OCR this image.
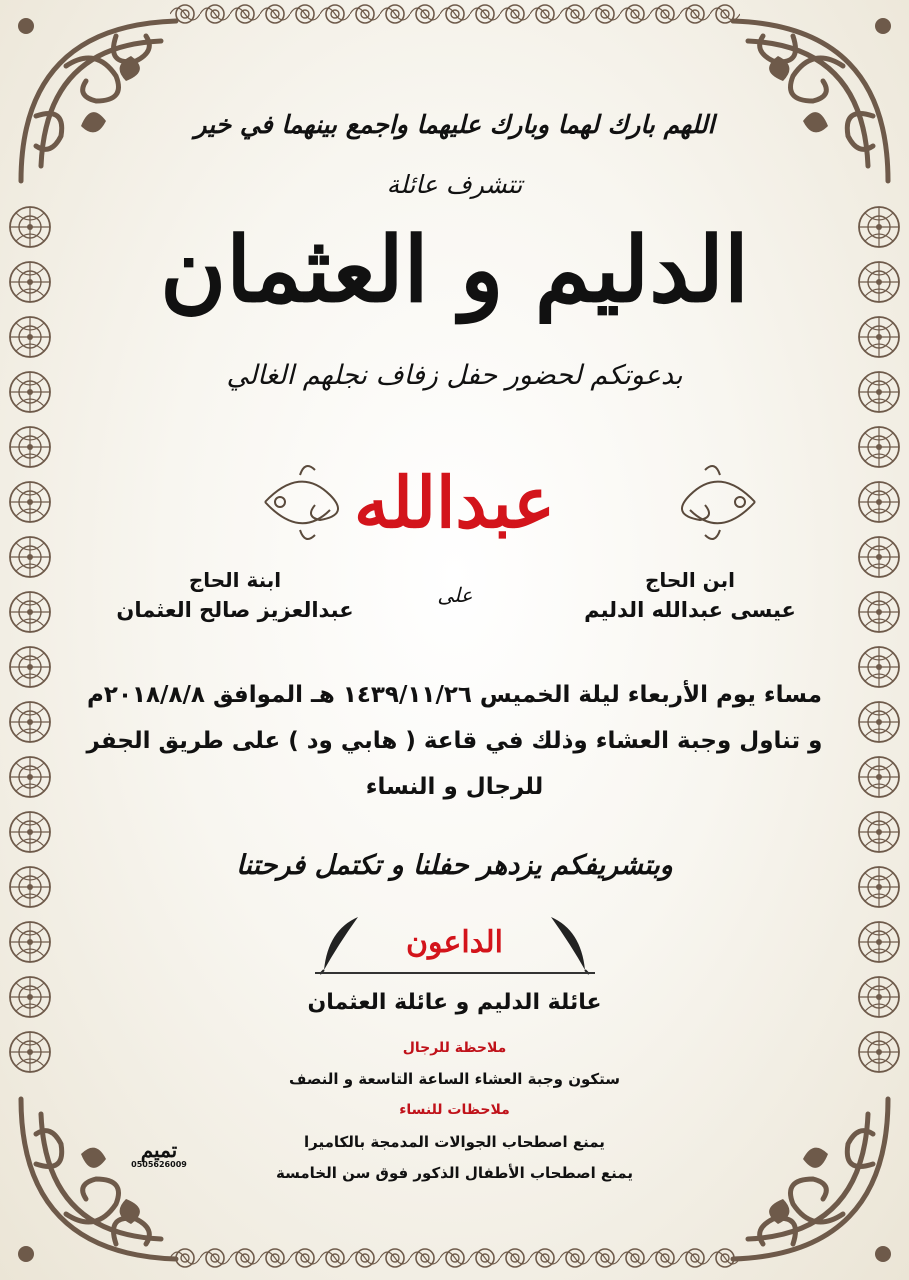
اللهم بارك لهما وبارك عليهما واجمع بينهما في خير
تتشرف عائلة
الدليم و العثمان
بدعوتكم لحضور حفل زفاف نجلهم الغالي
عبدالله
ابن الحاج
عيسى عبدالله الدليم
على
ابنة الحاج
عبدالعزيز صالح العثمان
مساء يوم الأربعاء ليلة الخميس ١٤٣٩/١١/٢٦ هـ الموافق ٢٠١٨/٨/٨م
و تناول وجبة العشاء وذلك في قاعة ( هابي ود ) على طريق الجفر
للرجال و النساء
وبتشريفكم يزدهر حفلنا و تكتمل فرحتنا
الداعون
عائلة الدليم و عائلة العثمان
ملاحظة للرجال
ستكون وجبة العشاء الساعة التاسعة و النصف
ملاحظات للنساء
يمنع اصطحاب الجوالات المدمجة بالكاميرا
يمنع اصطحاب الأطفال الذكور فوق سن الخامسة
تميم
0505626009
